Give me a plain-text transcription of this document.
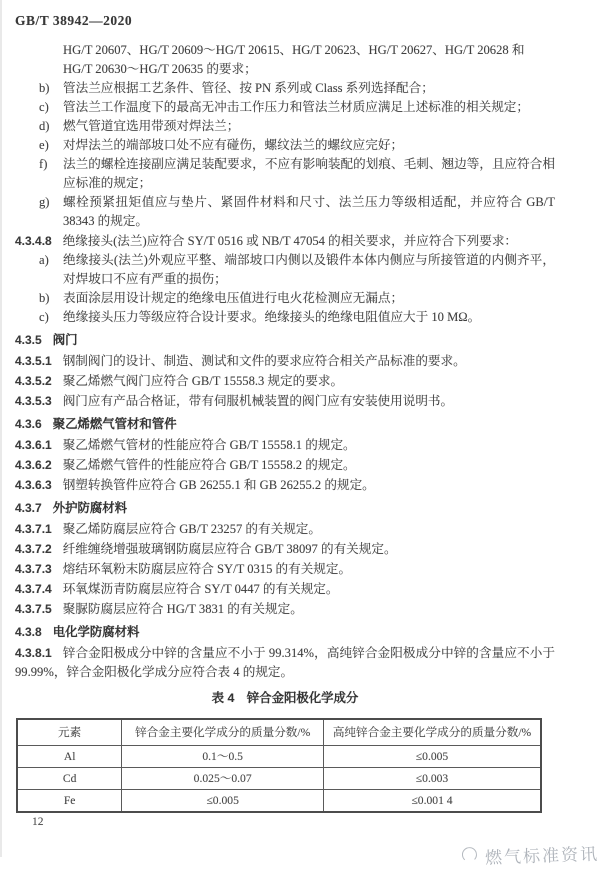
GB/T 38942—2020

HG/T 20607、HG/T 20609～HG/T 20615、HG/T 20623、HG/T 20627、HG/T 20628 和

HG/T 20630～HG/T 20635 的要求；

b) 管法兰应根据工艺条件、管径、按 PN 系列或 Class 系列选择配合；
c) 管法兰工作温度下的最高无冲击工作压力和管法兰材质应满足上述标准的相关规定；
d) 燃气管道宜选用带颈对焊法兰；
e) 对焊法兰的端部坡口处不应有碰伤，螺纹法兰的螺纹应完好；
f) 法兰的螺栓连接副应满足装配要求，不应有影响装配的划痕、毛刺、翘边等，且应符合相应标准的规定；
g) 螺栓预紧扭矩值应与垫片、紧固件材料和尺寸、法兰压力等级相适配，并应符合 GB/T 38343 的规定。

4.3.4.8 绝缘接头(法兰)应符合 SY/T 0516 或 NB/T 47054 的相关要求，并应符合下列要求：

a) 绝缘接头(法兰)外观应平整、端部坡口内侧以及锻件本体内侧应与所接管道的内侧齐平，对焊坡口不应有严重的损伤；
b) 表面涂层用设计规定的绝缘电压值进行电火花检测应无漏点；
c) 绝缘接头压力等级应符合设计要求。绝缘接头的绝缘电阻值应大于 10 MΩ。

4.3.5 阀门

4.3.5.1 钢制阀门的设计、制造、测试和文件的要求应符合相关产品标准的要求。

4.3.5.2 聚乙烯燃气阀门应符合 GB/T 15558.3 规定的要求。

4.3.5.3 阀门应有产品合格证，带有伺服机械装置的阀门应有安装使用说明书。

4.3.6 聚乙烯燃气管材和管件

4.3.6.1 聚乙烯燃气管材的性能应符合 GB/T 15558.1 的规定。

4.3.6.2 聚乙烯燃气管件的性能应符合 GB/T 15558.2 的规定。

4.3.6.3 钢塑转换管件应符合 GB 26255.1 和 GB 26255.2 的规定。

4.3.7 外护防腐材料

4.3.7.1 聚乙烯防腐层应符合 GB/T 23257 的有关规定。

4.3.7.2 纤维缠绕增强玻璃钢防腐层应符合 GB/T 38097 的有关规定。

4.3.7.3 熔结环氧粉末防腐层应符合 SY/T 0315 的有关规定。

4.3.7.4 环氧煤沥青防腐层应符合 SY/T 0447 的有关规定。

4.3.7.5 聚脲防腐层应符合 HG/T 3831 的有关规定。

4.3.8 电化学防腐材料

4.3.8.1 锌合金阳极成分中锌的含量应不小于 99.314%，高纯锌合金阳极成分中锌的含量应不小于 99.99%，锌合金阳极化学成分应符合表 4 的规定。

表 4　锌合金阳极化学成分

元素	锌合金主要化学成分的质量分数/%	高纯锌合金主要化学成分的质量分数/%
Al	0.1～0.5	≤0.005
Cd	0.025～0.07	≤0.003
Fe	≤0.005	≤0.001 4

12

燃气标准资讯
